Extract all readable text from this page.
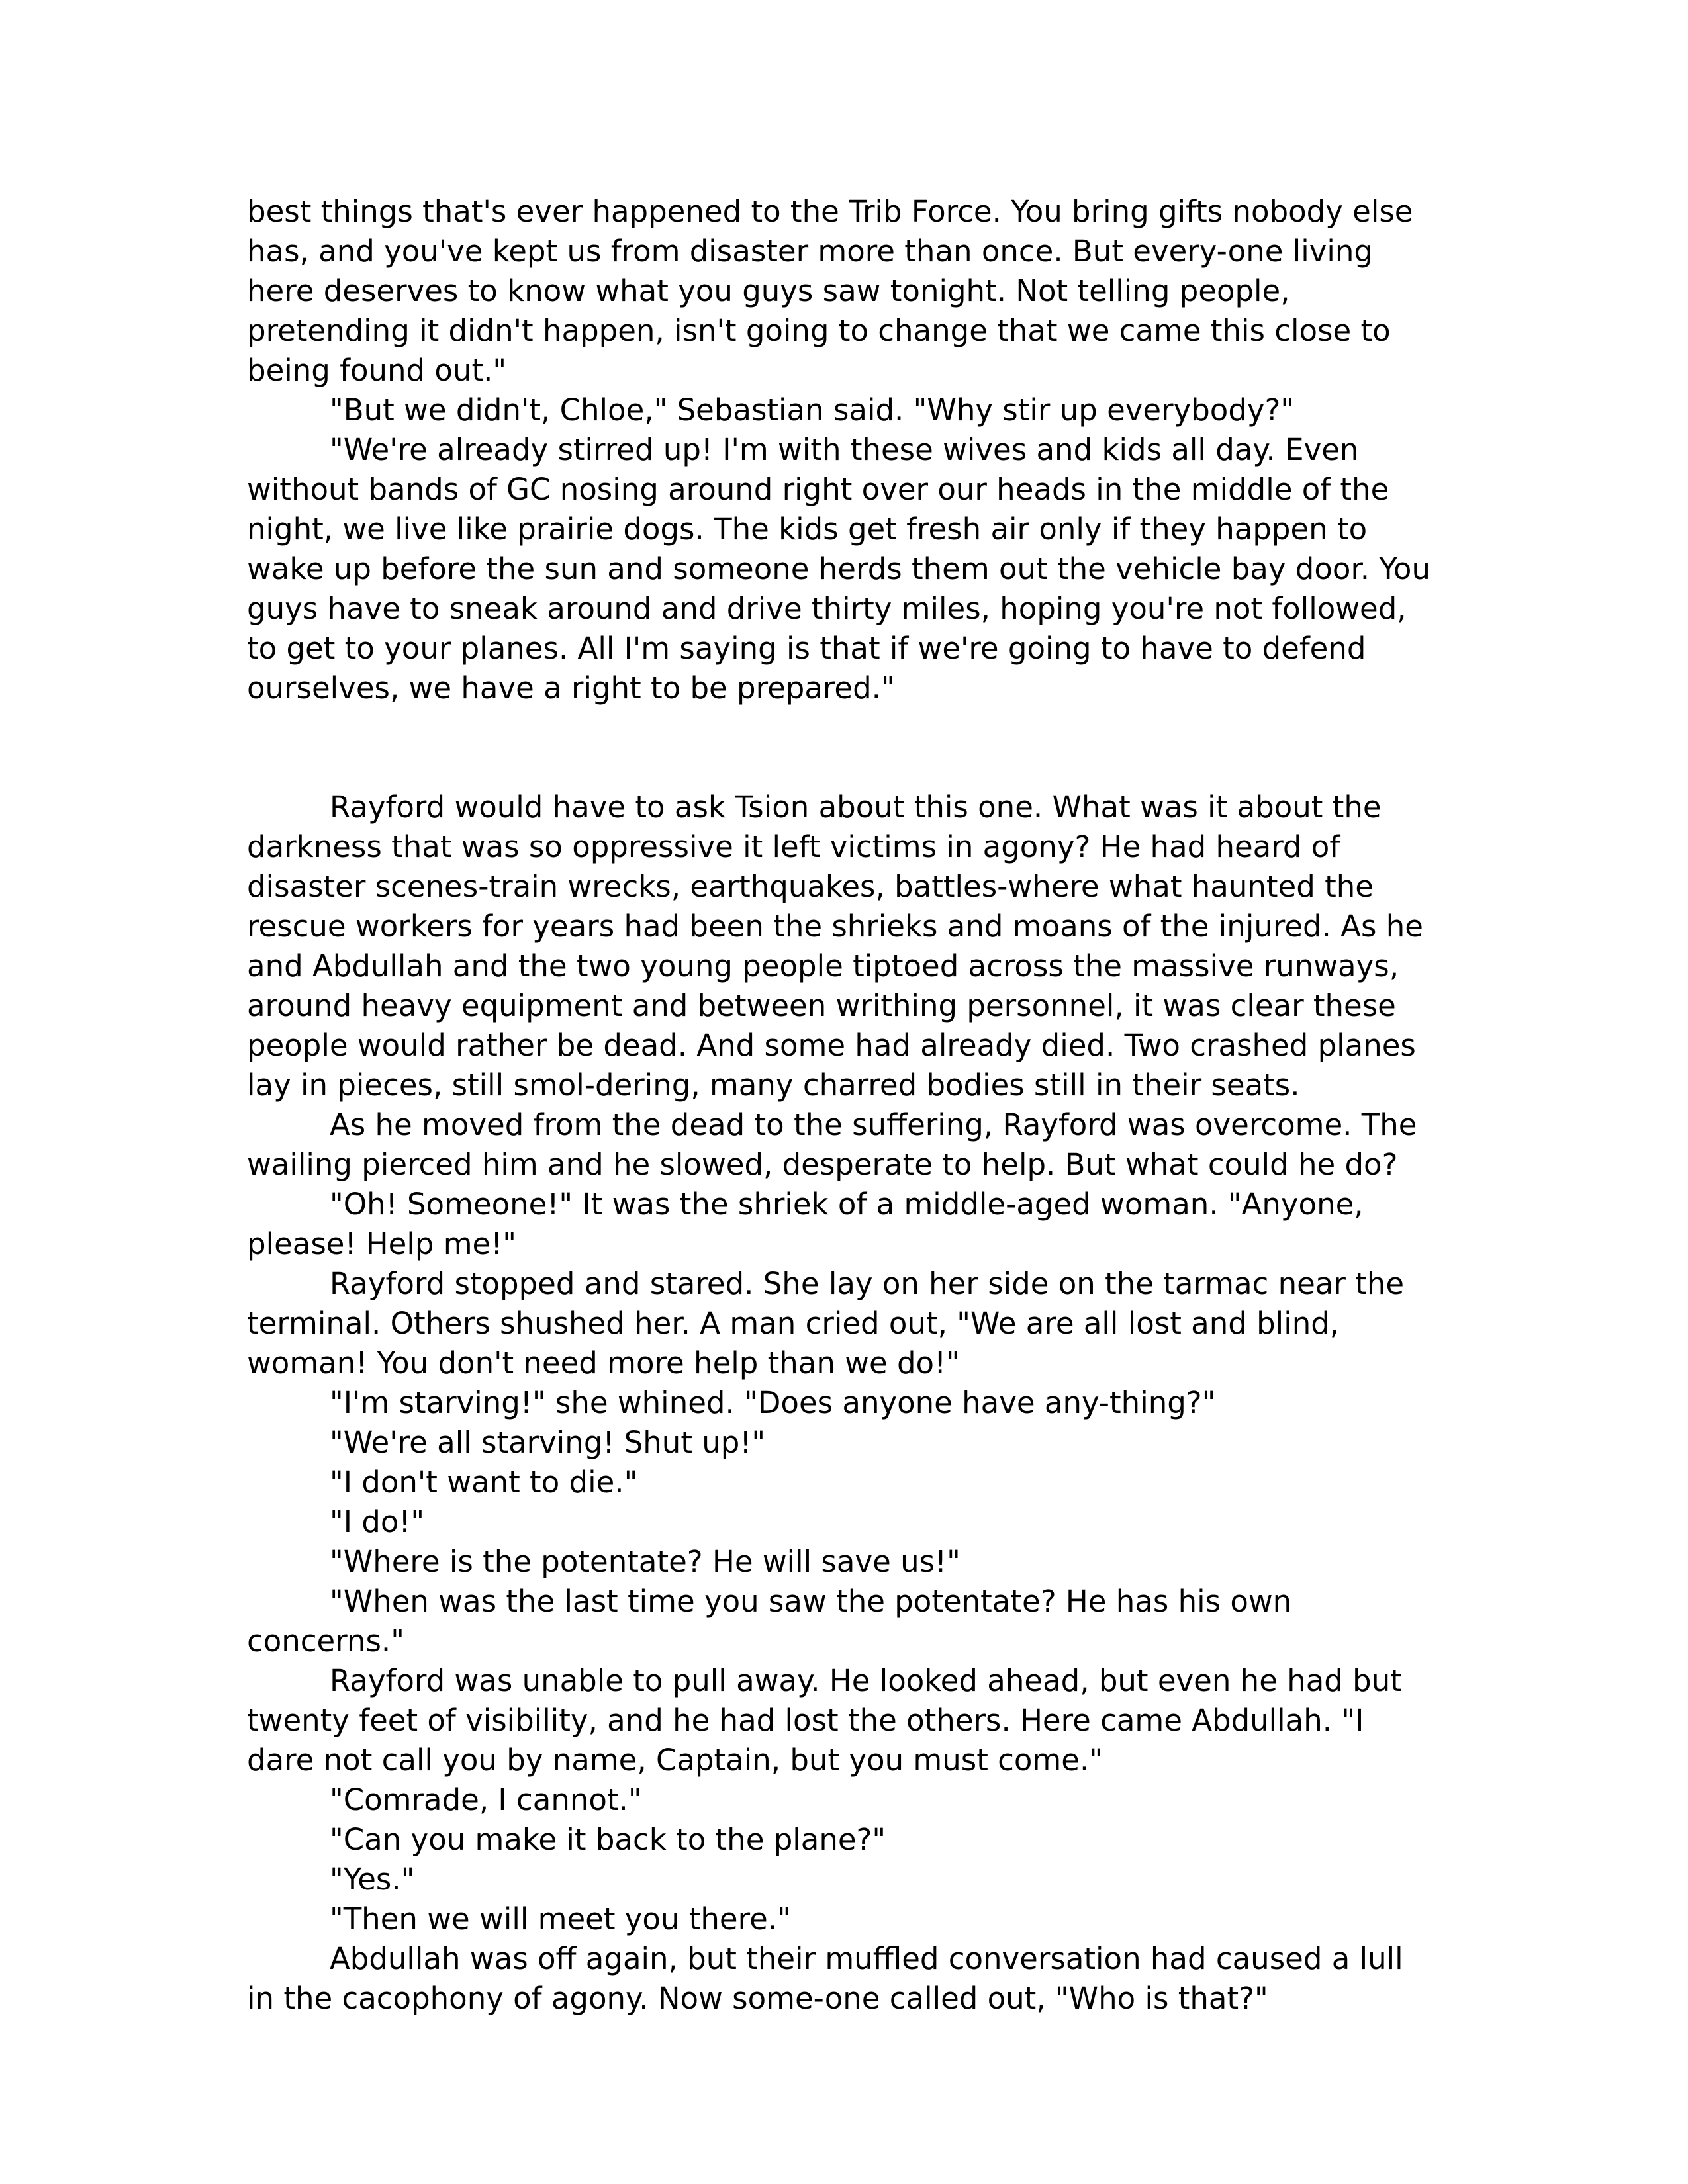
best things that's ever happened to the Trib Force. You bring gifts nobody else has, and you've kept us from disaster more than once. But every-one living here deserves to know what you guys saw tonight. Not telling people, pretending it didn't happen, isn't going to change that we came this close to being found out."

"But we didn't, Chloe," Sebastian said. "Why stir up everybody?"

"We're already stirred up! I'm with these wives and kids all day. Even without bands of GC nosing around right over our heads in the middle of the night, we live like prairie dogs. The kids get fresh air only if they happen to wake up before the sun and someone herds them out the vehicle bay door. You guys have to sneak around and drive thirty miles, hoping you're not followed, to get to your planes. All I'm saying is that if we're going to have to defend ourselves, we have a right to be prepared."

Rayford would have to ask Tsion about this one. What was it about the darkness that was so oppressive it left victims in agony? He had heard of disaster scenes-train wrecks, earthquakes, battles-where what haunted the rescue workers for years had been the shrieks and moans of the injured. As he and Abdullah and the two young people tiptoed across the massive runways, around heavy equipment and between writhing personnel, it was clear these people would rather be dead. And some had already died. Two crashed planes lay in pieces, still smol-dering, many charred bodies still in their seats.

As he moved from the dead to the suffering, Rayford was overcome. The wailing pierced him and he slowed, desperate to help. But what could he do?

"Oh! Someone!" It was the shriek of a middle-aged woman. "Anyone, please! Help me!"

Rayford stopped and stared. She lay on her side on the tarmac near the terminal. Others shushed her. A man cried out, "We are all lost and blind, woman! You don't need more help than we do!"

"I'm starving!" she whined. "Does anyone have any-thing?"

"We're all starving! Shut up!"

"I don't want to die."

"I do!"

"Where is the potentate? He will save us!"

"When was the last time you saw the potentate? He has his own concerns."

Rayford was unable to pull away. He looked ahead, but even he had but twenty feet of visibility, and he had lost the others. Here came Abdullah. "I dare not call you by name, Captain, but you must come."

"Comrade, I cannot."

"Can you make it back to the plane?"

"Yes."

"Then we will meet you there."

Abdullah was off again, but their muffled conversation had caused a lull in the cacophony of agony. Now some-one called out, "Who is that?"
